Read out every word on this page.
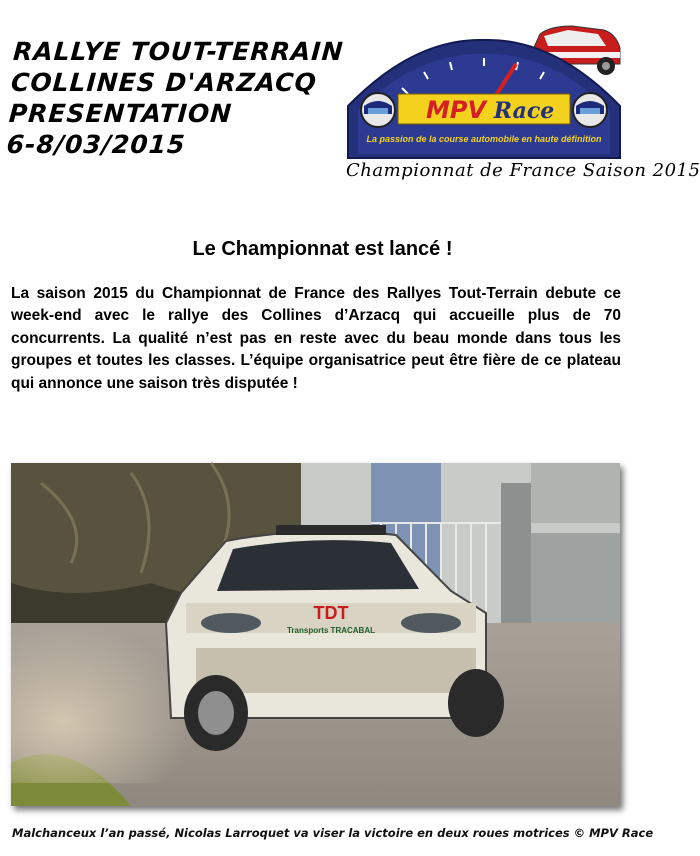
RALLYE TOUT-TERRAIN
COLLINES D'ARZACQ
PRESENTATION
6-8/03/2015
MPV Race
La passion de la course automobile en haute définition
Championnat de France Saison 2015
Le Championnat est lancé !
La saison 2015 du Championnat de France des Rallyes Tout-Terrain debute ce week-end avec le rallye des Collines d’Arzacq qui accueille plus de 70 concurrents. La qualité n’est pas en reste avec du beau monde dans tous les groupes et toutes les classes. L’équipe organisatrice peut être fière de ce plateau qui annonce une saison très disputée !
TDT
Transports TRACABAL
Malchanceux l’an passé, Nicolas Larroquet va viser la victoire en deux roues motrices © MPV Race
